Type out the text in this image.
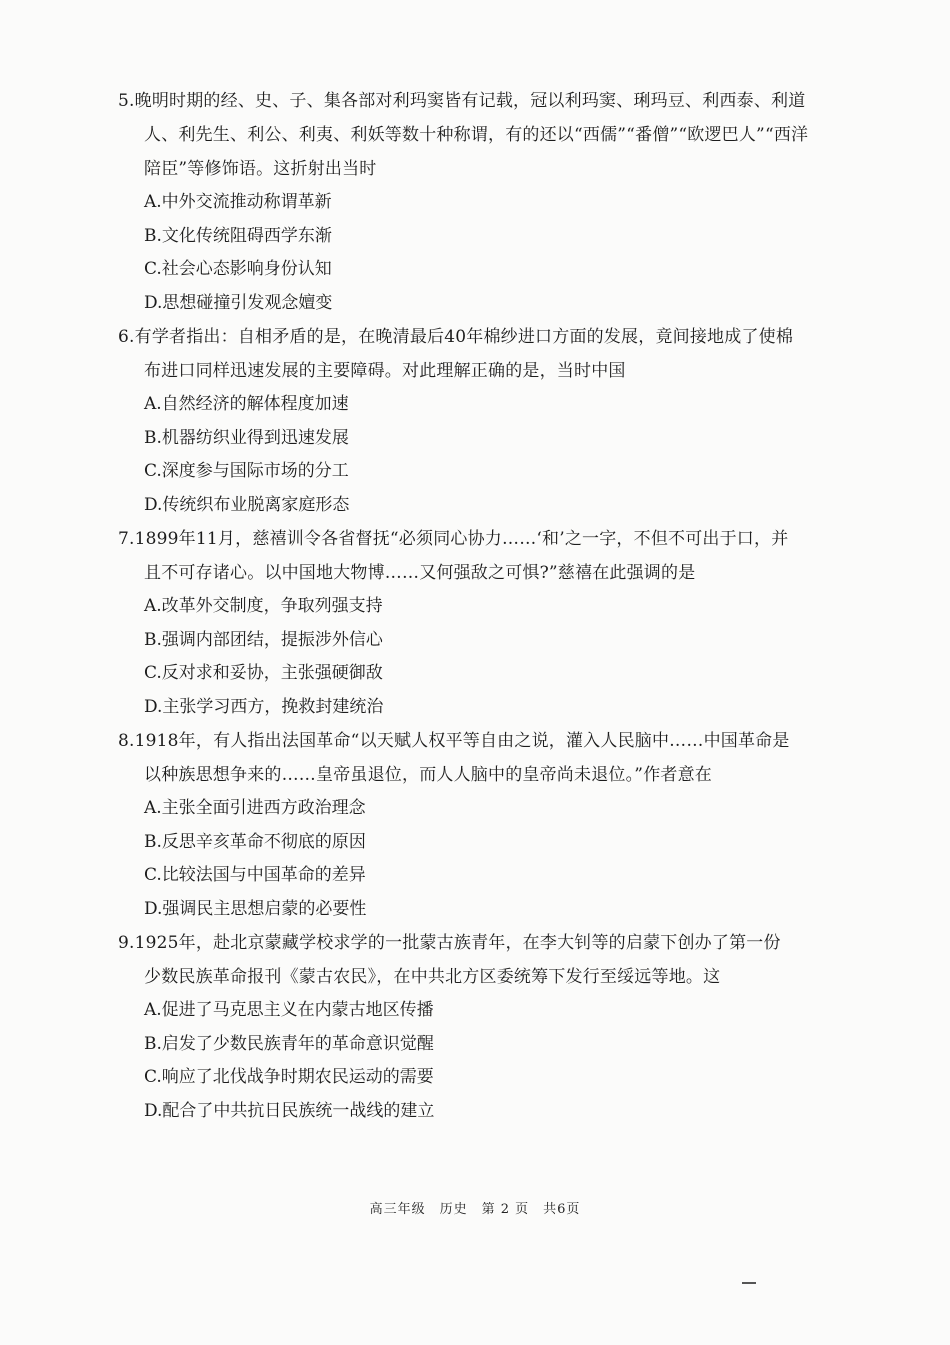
5.晚明时期的经、史、子、集各部对利玛窦皆有记载，冠以利玛窦、琍玛豆、利西泰、利道
人、利先生、利公、利夷、利妖等数十种称谓，有的还以“西儒”“番僧”“欧逻巴人”“西洋
陪臣”等修饰语。这折射出当时

A.中外交流推动称谓革新

B.文化传统阻碍西学东渐

C.社会心态影响身份认知

D.思想碰撞引发观念嬗变

6.有学者指出：自相矛盾的是，在晚清最后40年棉纱进口方面的发展，竟间接地成了使棉
布进口同样迅速发展的主要障碍。对此理解正确的是，当时中国

A.自然经济的解体程度加速

B.机器纺织业得到迅速发展

C.深度参与国际市场的分工

D.传统织布业脱离家庭形态

7.1899年11月，慈禧训令各省督抚“必须同心协力……‘和’之一字，不但不可出于口，并
且不可存诸心。以中国地大物博……又何强敌之可惧?”慈禧在此强调的是

A.改革外交制度，争取列强支持

B.强调内部团结，提振涉外信心

C.反对求和妥协，主张强硬御敌

D.主张学习西方，挽救封建统治

8.1918年，有人指出法国革命“以天赋人权平等自由之说，灌入人民脑中……中国革命是
以种族思想争来的……皇帝虽退位，而人人脑中的皇帝尚未退位。”作者意在

A.主张全面引进西方政治理念

B.反思辛亥革命不彻底的原因

C.比较法国与中国革命的差异

D.强调民主思想启蒙的必要性

9.1925年，赴北京蒙藏学校求学的一批蒙古族青年，在李大钊等的启蒙下创办了第一份
少数民族革命报刊《蒙古农民》，在中共北方区委统筹下发行至绥远等地。这

A.促进了马克思主义在内蒙古地区传播

B.启发了少数民族青年的革命意识觉醒

C.响应了北伐战争时期农民运动的需要

D.配合了中共抗日民族统一战线的建立

高三年级　历史　第 2 页　共6页
